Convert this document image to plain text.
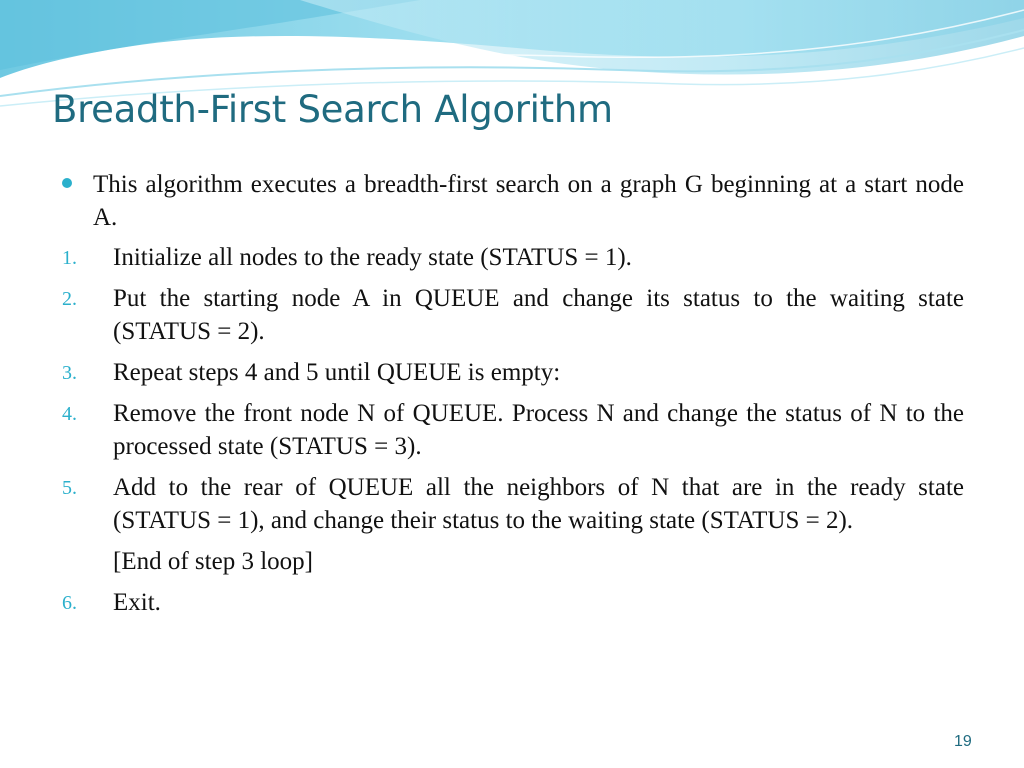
Breadth-First Search Algorithm
This algorithm executes a breadth-first search on a graph G beginning at a start node A.
1. Initialize all nodes to the ready state (STATUS = 1).
2. Put the starting node A in QUEUE and change its status to the waiting state (STATUS = 2).
3. Repeat steps 4 and 5 until QUEUE is empty:
4. Remove the front node N of QUEUE. Process N and change the status of N to the processed state (STATUS = 3).
5. Add to the rear of QUEUE all the neighbors of N that are in the ready state (STATUS = 1), and change their status to the waiting state (STATUS = 2).
[End of step 3 loop]
6. Exit.
19
